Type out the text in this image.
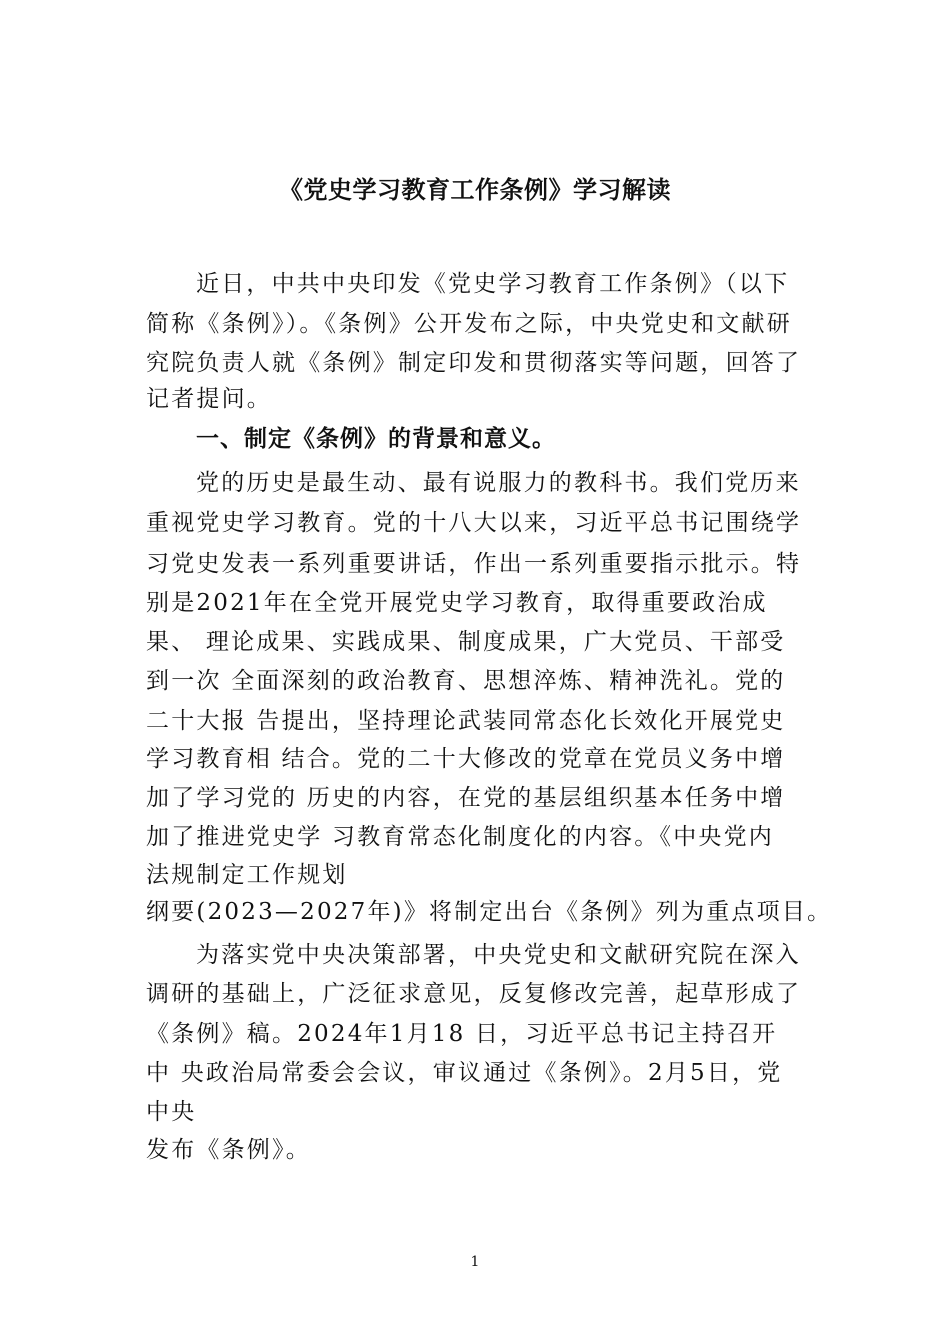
《党史学习教育工作条例》学习解读
近日，中共中央印发《党史学习教育工作条例》（以下
简称《条例》）。《条例》公开发布之际，中央党史和文献研
究院负责人就《条例》制定印发和贯彻落实等问题，回答了
记者提问。
一、制定《条例》的背景和意义。
党的历史是最生动、最有说服力的教科书。我们党历来
重视党史学习教育。党的十八大以来，习近平总书记围绕学
习党史发表一系列重要讲话，作出一系列重要指示批示。特
别是2021年在全党开展党史学习教育，取得重要政治成
果、 理论成果、实践成果、制度成果，广大党员、干部受
到一次 全面深刻的政治教育、思想淬炼、精神洗礼。党的
二十大报 告提出，坚持理论武装同常态化长效化开展党史
学习教育相 结合。党的二十大修改的党章在党员义务中增
加了学习党的 历史的内容，在党的基层组织基本任务中增
加了推进党史学 习教育常态化制度化的内容。《中央党内
法规制定工作规划
纲要(2023—2027年)》将制定出台《条例》列为重点项目。
为落实党中央决策部署，中央党史和文献研究院在深入
调研的基础上，广泛征求意见，反复修改完善，起草形成了
《条例》稿。2024年1月18 日，习近平总书记主持召开
中 央政治局常委会会议，审议通过《条例》。2月5日，党
中央
发布《条例》。
1
